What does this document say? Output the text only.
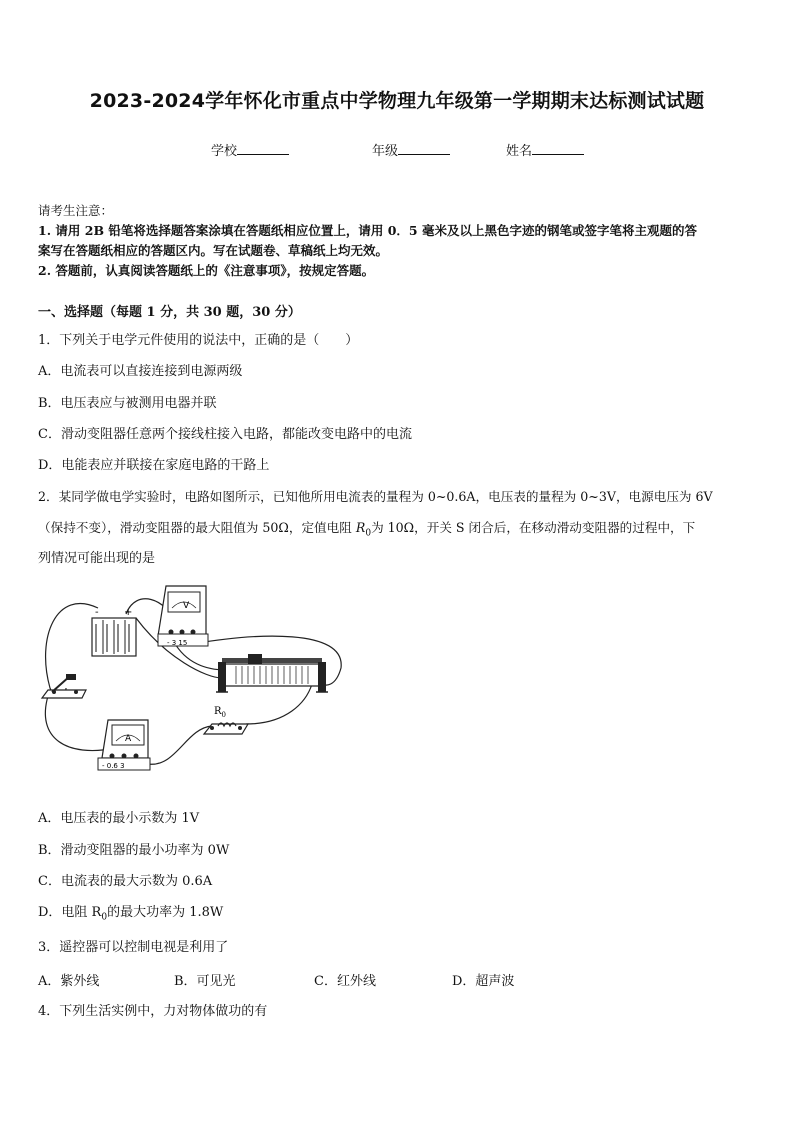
2023-2024学年怀化市重点中学物理九年级第一学期期末达标测试试题
学校	年级	姓名
请考生注意：
1. 请用 2B 铅笔将选择题答案涂填在答题纸相应位置上，请用 0．5 毫米及以上黑色字迹的钢笔或签字笔将主观题的答
案写在答题纸相应的答题区内。写在试题卷、草稿纸上均无效。
2. 答题前，认真阅读答题纸上的《注意事项》，按规定答题。
一、选择题（每题 1 分，共 30 题，30 分）
1．下列关于电学元件使用的说法中，正确的是（　　）
A．电流表可以直接连接到电源两级
B．电压表应与被测用电器并联
C．滑动变阻器任意两个接线柱接入电路，都能改变电路中的电流
D．电能表应并联接在家庭电路的干路上
2．某同学做电学实验时，电路如图所示，已知他所用电流表的量程为 0~0.6A，电压表的量程为 0~3V，电源电压为 6V
（保持不变），滑动变阻器的最大阻值为 50Ω，定值电阻 $R_0$为 10Ω，开关 S 闭合后，在移动滑动变阻器的过程中，下
列情况可能出现的是
+
-
V
- 3 15
$R_0$
A
- 0.6 3
A．电压表的最小示数为 1V
B．滑动变阻器的最小功率为 0W
C．电流表的最大示数为 0.6A
D．电阻 $R_0$的最大功率为 1.8W
3．遥控器可以控制电视是利用了
A．紫外线	B．可见光	C．红外线	D．超声波
4．下列生活实例中，力对物体做功的有
